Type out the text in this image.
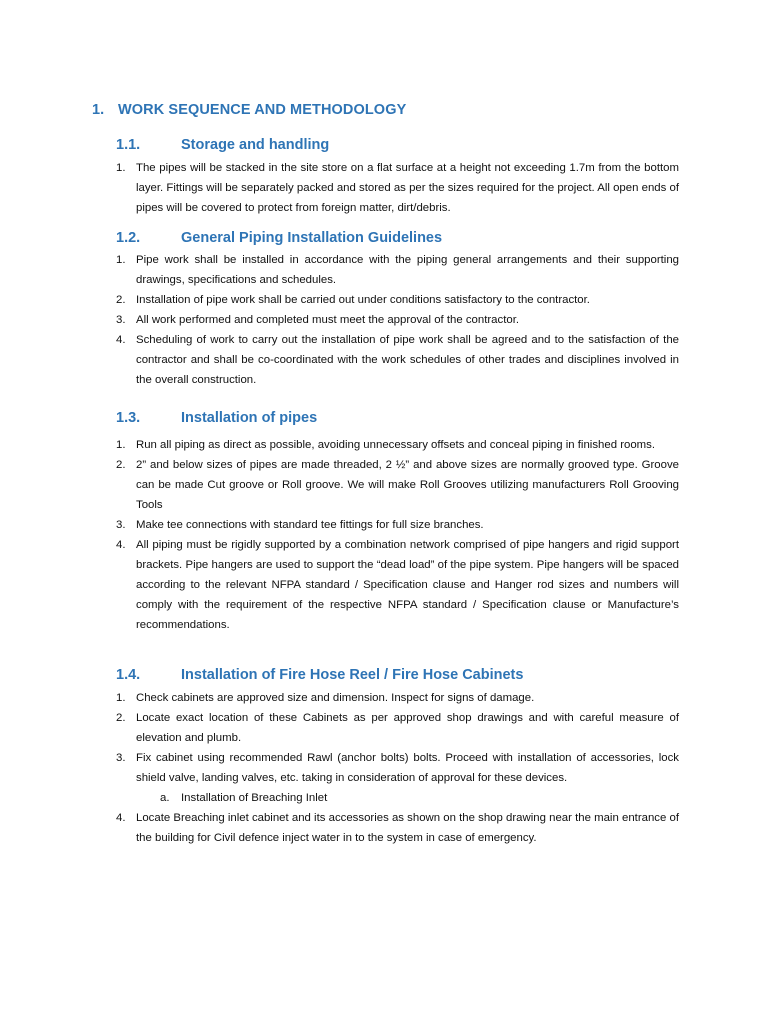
1. WORK SEQUENCE AND METHODOLOGY
1.1.	Storage and handling
1. The pipes will be stacked in the site store on a flat surface at a height not exceeding 1.7m from the bottom layer. Fittings will be separately packed and stored as per the sizes required for the project. All open ends of pipes will be covered to protect from foreign matter, dirt/debris.
1.2.	General Piping Installation Guidelines
1. Pipe work shall be installed in accordance with the piping general arrangements and their supporting drawings, specifications and schedules.
2. Installation of pipe work shall be carried out under conditions satisfactory to the contractor.
3. All work performed and completed must meet the approval of the contractor.
4. Scheduling of work to carry out the installation of pipe work shall be agreed and to the satisfaction of the contractor and shall be co-coordinated with the work schedules of other trades and disciplines involved in the overall construction.
1.3.	Installation of pipes
1. Run all piping as direct as possible, avoiding unnecessary offsets and conceal piping in finished rooms.
2. 2” and below sizes of pipes are made threaded, 2 ½” and above sizes are normally grooved type. Groove can be made Cut groove or Roll groove. We will make Roll Grooves utilizing manufacturers Roll Grooving Tools
3. Make tee connections with standard tee fittings for full size branches.
4. All piping must be rigidly supported by a combination network comprised of pipe hangers and rigid support brackets. Pipe hangers are used to support the “dead load” of the pipe system. Pipe hangers will be spaced according to the relevant NFPA standard / Specification clause and Hanger rod sizes and numbers will comply with the requirement of the respective NFPA standard / Specification clause or Manufacture’s recommendations.
1.4.	Installation of Fire Hose Reel / Fire Hose Cabinets
1. Check cabinets are approved size and dimension. Inspect for signs of damage.
2. Locate exact location of these Cabinets as per approved shop drawings and with careful measure of elevation and plumb.
3. Fix cabinet using recommended Rawl (anchor bolts) bolts. Proceed with installation of accessories, lock shield valve, landing valves, etc. taking in consideration of approval for these devices.
a. Installation of Breaching Inlet
4. Locate Breaching inlet cabinet and its accessories as shown on the shop drawing near the main entrance of the building for Civil defence inject water in to the system in case of emergency.
